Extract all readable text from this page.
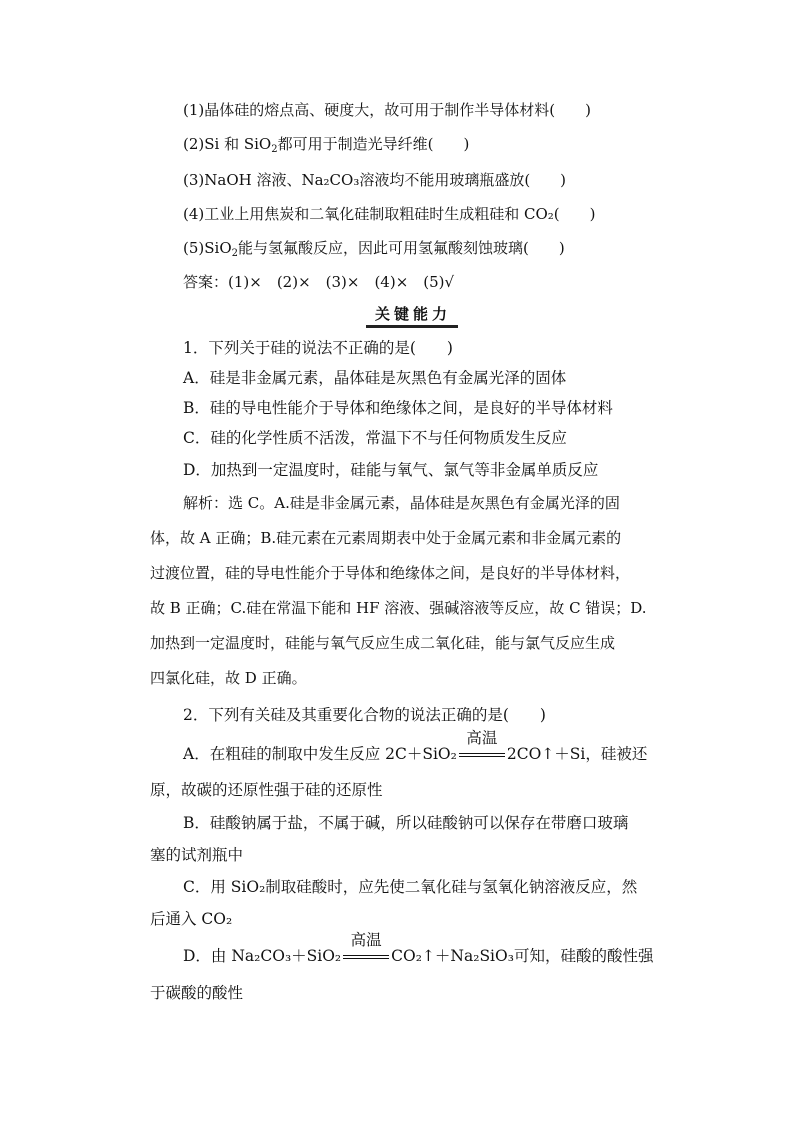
(1)晶体硅的熔点高、硬度大，故可用于制作半导体材料(　　)
(2)Si 和 SiO$_2$都可用于制造光导纤维(　　)
(3)NaOH 溶液、Na₂CO₃溶液均不能用玻璃瓶盛放(　　)
(4)工业上用焦炭和二氧化硅制取粗硅时生成粗硅和 CO₂(　　)
(5)SiO$_2$能与氢氟酸反应，因此可用氢氟酸刻蚀玻璃(　　)
答案：(1)×　(2)×　(3)×　(4)×　(5)√
关键能力
1．下列关于硅的说法不正确的是(　　)
A．硅是非金属元素，晶体硅是灰黑色有金属光泽的固体
B．硅的导电性能介于导体和绝缘体之间，是良好的半导体材料
C．硅的化学性质不活泼，常温下不与任何物质发生反应
D．加热到一定温度时，硅能与氧气、氯气等非金属单质反应
解析：选 C。A.硅是非金属元素，晶体硅是灰黑色有金属光泽的固
体，故 A 正确；B.硅元素在元素周期表中处于金属元素和非金属元素的
过渡位置，硅的导电性能介于导体和绝缘体之间，是良好的半导体材料，
故 B 正确；C.硅在常温下能和 HF 溶液、强碱溶液等反应，故 C 错误；D.
加热到一定温度时，硅能与氧气反应生成二氧化硅，能与氯气反应生成
四氯化硅，故 D 正确。
2．下列有关硅及其重要化合物的说法正确的是(　　)
A．在粗硅的制取中发生反应 2C＋SiO₂
高温
2CO↑＋Si，硅被还
原，故碳的还原性强于硅的还原性
B．硅酸钠属于盐，不属于碱，所以硅酸钠可以保存在带磨口玻璃
塞的试剂瓶中
C．用 SiO₂制取硅酸时，应先使二氧化硅与氢氧化钠溶液反应，然
后通入 CO₂
D．由 Na₂CO₃＋SiO₂
高温
CO₂↑＋Na₂SiO₃可知，硅酸的酸性强
于碳酸的酸性
